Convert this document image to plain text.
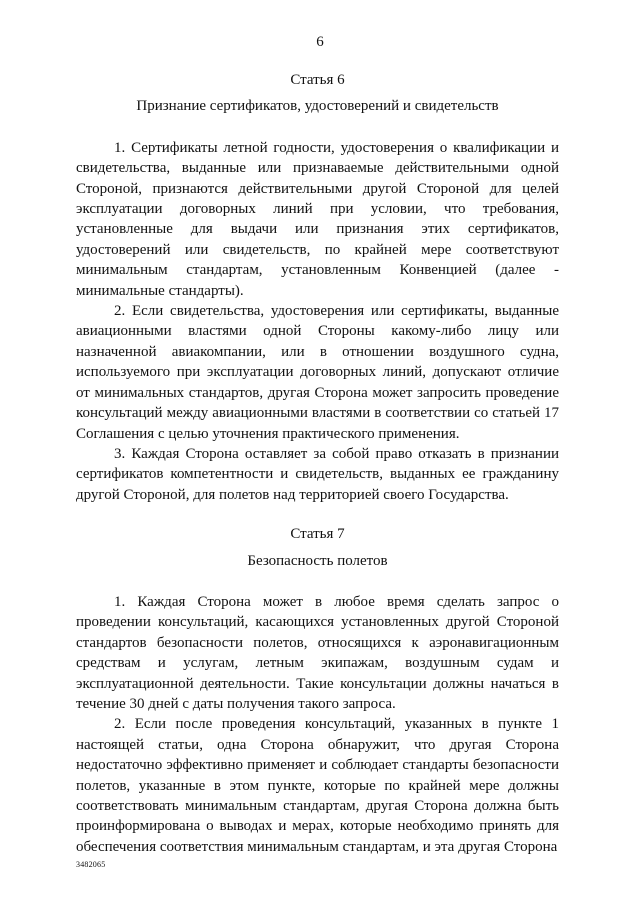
6
Статья 6
Признание сертификатов, удостоверений и свидетельств

1. Сертификаты летной годности, удостоверения о квалификации и свидетельства, выданные или признаваемые действительными одной Стороной, признаются действительными другой Стороной для целей эксплуатации договорных линий при условии, что требования, установленные для выдачи или признания этих сертификатов, удостоверений или свидетельств, по крайней мере соответствуют минимальным стандартам, установленным Конвенцией (далее - минимальные стандарты).

2. Если свидетельства, удостоверения или сертификаты, выданные авиационными властями одной Стороны какому-либо лицу или назначенной авиакомпании, или в отношении воздушного судна, используемого при эксплуатации договорных линий, допускают отличие от минимальных стандартов, другая Сторона может запросить проведение консультаций между авиационными властями в соответствии со статьей 17 Соглашения с целью уточнения практического применения.

3. Каждая Сторона оставляет за собой право отказать в признании сертификатов компетентности и свидетельств, выданных ее гражданину другой Стороной, для полетов над территорией своего Государства.

Статья 7
Безопасность полетов

1. Каждая Сторона может в любое время сделать запрос о проведении консультаций, касающихся установленных другой Стороной стандартов безопасности полетов, относящихся к аэронавигационным средствам и услугам, летным экипажам, воздушным судам и эксплуатационной деятельности. Такие консультации должны начаться в течение 30 дней с даты получения такого запроса.

2. Если после проведения консультаций, указанных в пункте 1 настоящей статьи, одна Сторона обнаружит, что другая Сторона недостаточно эффективно применяет и соблюдает стандарты безопасности полетов, указанные в этом пункте, которые по крайней мере должны соответствовать минимальным стандартам, другая Сторона должна быть проинформирована о выводах и мерах, которые необходимо принять для обеспечения соответствия минимальным стандартам, и эта другая Сторона

3482065
